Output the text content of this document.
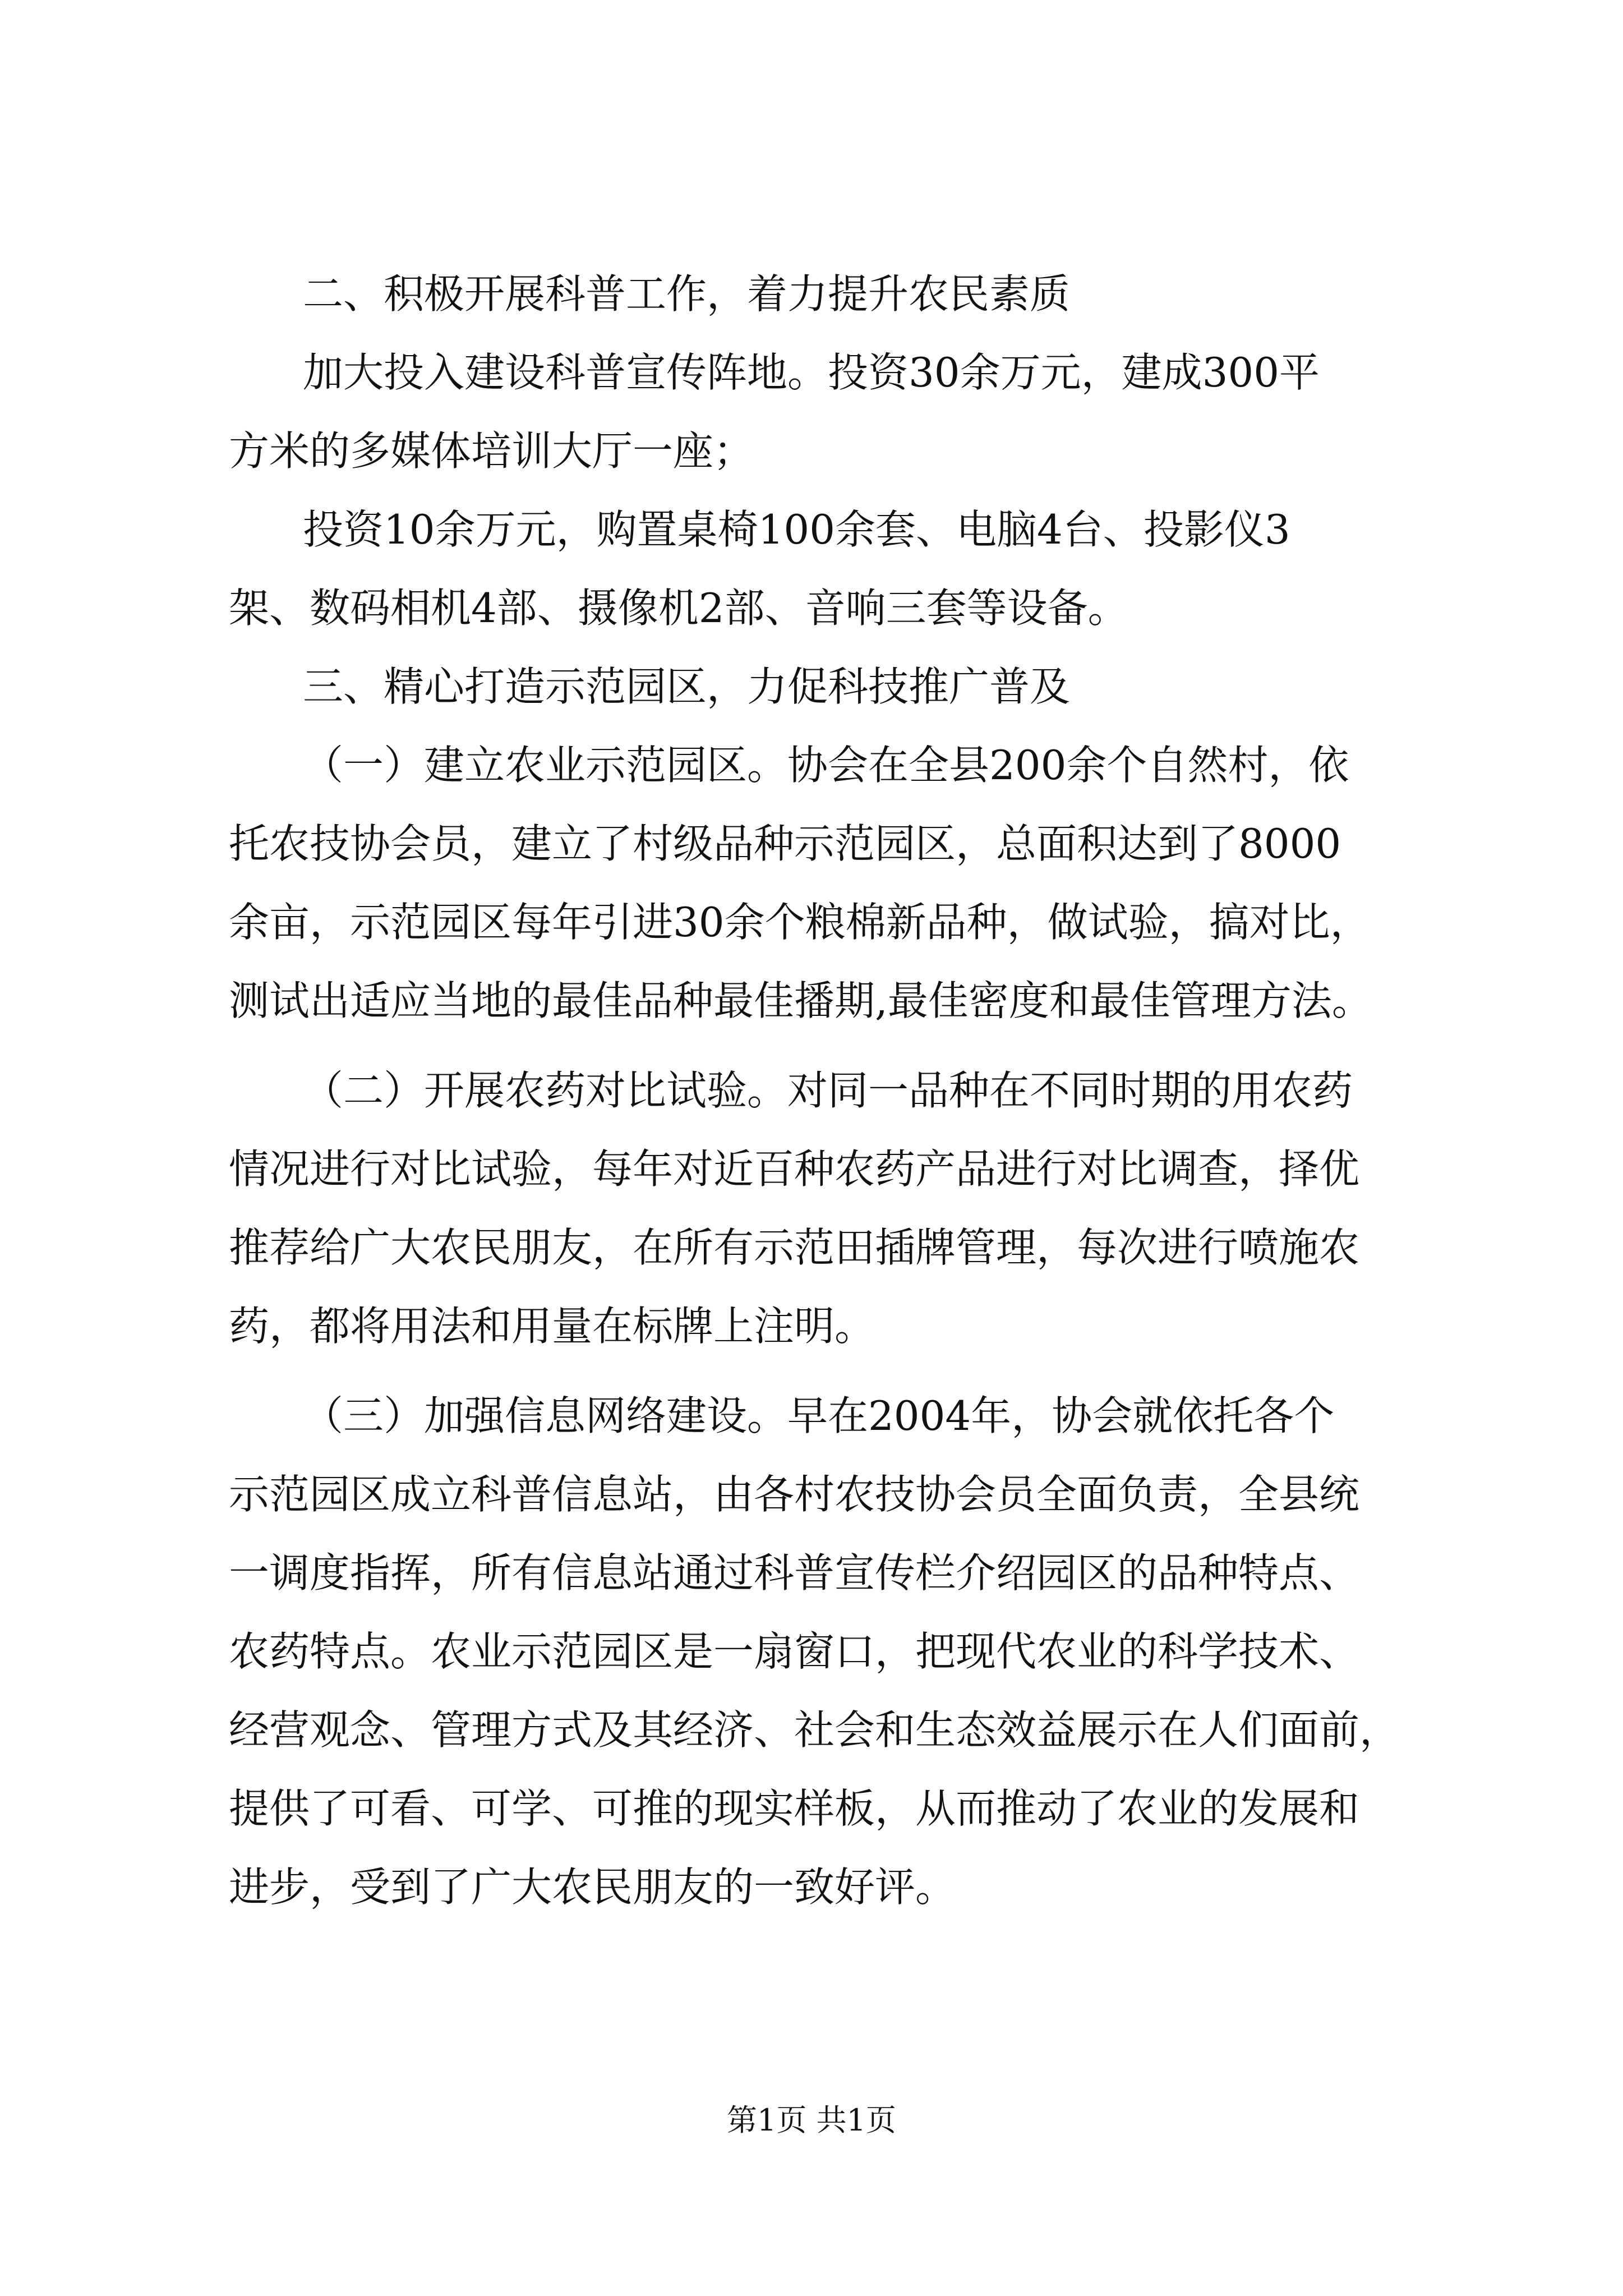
二、积极开展科普工作，着力提升农民素质
加大投入建设科普宣传阵地。投资30余万元，建成300平
方米的多媒体培训大厅一座；
投资10余万元，购置桌椅100余套、电脑4台、投影仪3
架、数码相机4部、摄像机2部、音响三套等设备。
三、精心打造示范园区，力促科技推广普及
（一）建立农业示范园区。协会在全县200余个自然村，依
托农技协会员，建立了村级品种示范园区，总面积达到了8000
余亩，示范园区每年引进30余个粮棉新品种，做试验，搞对比，
测试出适应当地的最佳品种最佳播期,最佳密度和最佳管理方法。
（二）开展农药对比试验。对同一品种在不同时期的用农药
情况进行对比试验，每年对近百种农药产品进行对比调查，择优
推荐给广大农民朋友，在所有示范田插牌管理，每次进行喷施农
药，都将用法和用量在标牌上注明。
（三）加强信息网络建设。早在2004年，协会就依托各个
示范园区成立科普信息站，由各村农技协会员全面负责，全县统
一调度指挥，所有信息站通过科普宣传栏介绍园区的品种特点、
农药特点。农业示范园区是一扇窗口，把现代农业的科学技术、
经营观念、管理方式及其经济、社会和生态效益展示在人们面前，
提供了可看、可学、可推的现实样板，从而推动了农业的发展和
进步，受到了广大农民朋友的一致好评。
第1页 共1页
